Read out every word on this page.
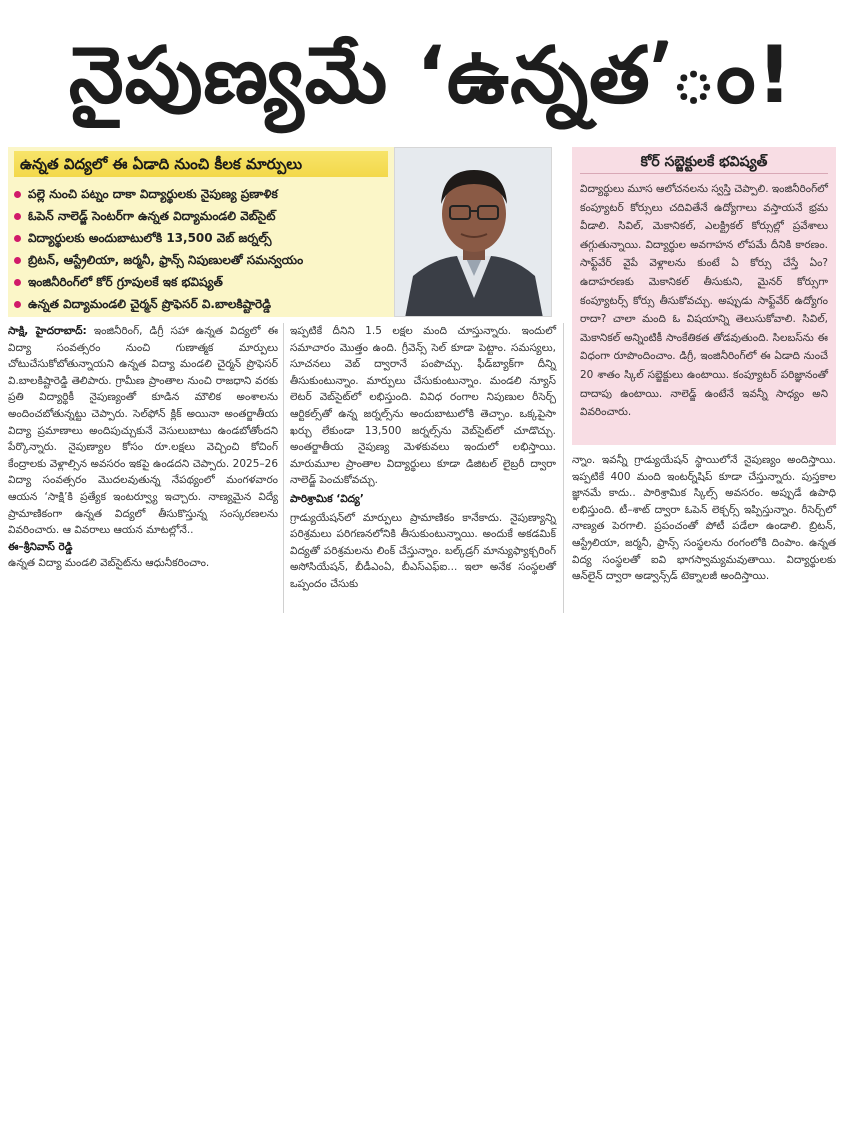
నైపుణ్యమే ‘ఉన్నత’ం!
ఉన్నత విద్యలో ఈ ఏడాది నుంచి కీలక మార్పులు
పల్లె నుంచి పట్నం దాకా విద్యార్థులకు నైపుణ్య ప్రణాళిక
ఓపెన్ నాలెడ్జ్ సెంటర్‌గా ఉన్నత విద్యామండలి వెబ్‌సైట్
విద్యార్థులకు అందుబాటులోకి 13,500 వెబ్ జర్నల్స్
బ్రిటన్, ఆస్ట్రేలియా, జర్మనీ, ఫ్రాన్స్ నిపుణులతో సమన్వయం
ఇంజినీరింగ్‌లో కోర్ గ్రూపులకే ఇక భవిష్యత్
ఉన్నత విద్యామండలి చైర్మన్ ప్రొఫెసర్ వి.బాలకిష్టారెడ్డి
కోర్ సబ్జెక్టులకే భవిష్యత్

విద్యార్థులు మూస ఆలోచనలను స్వస్తి చెప్పాలి. ఇంజినీరింగ్‌లో కంప్యూటర్ కోర్సులు చదివితేనే ఉద్యోగాలు వస్తాయనే భ్రమ వీడాలి. సివిల్, మెకానికల్, ఎలక్ట్రికల్ కోర్సుల్లో ప్రవేశాలు తగ్గుతున్నాయి. విద్యార్థుల అవగాహన లోపమే దీనికి కారణం. సాఫ్ట్‌వేర్ వైపే వెళ్లాలను కుంటే ఏ కోర్సు చేస్తే ఏం? ఉదాహరణకు మెకానికల్ తీసుకుని, మైనర్ కోర్సుగా కంప్యూటర్స్ కోర్సు తీసుకోవచ్చు. అప్పుడు సాఫ్ట్‌వేర్ ఉద్యోగం రాదా? చాలా మంది ఓ విషయాన్ని తెలుసుకోవాలి. సివిల్, మెకానికల్ అన్నింటికీ సాంకేతికత తోడవుతుంది. సిలబస్‌ను ఈ విధంగా రూపొందించాం. డిగ్రీ, ఇంజినీరింగ్‌లో ఈ ఏడాది నుంచే 20 శాతం స్కిల్ సబ్జెక్టులు ఉంటాయి. కంప్యూటర్ పరిజ్ఞానంతో దాదాపు ఉంటాయి. నాలెడ్జ్ ఉంటేనే ఇవన్నీ సాధ్యం అని వివరించారు.

సాక్షి, హైదరాబాద్: ఇంజినీరింగ్, డిగ్రీ సహా ఉన్నత విద్యలో ఈ విద్యా సంవత్సరం నుంచి గుణాత్మక మార్పులు చోటుచేసుకోబోతున్నాయని ఉన్నత విద్యా మండలి చైర్మన్ ప్రొఫెసర్ వి.బాలకిష్టారెడ్డి తెలిపారు. గ్రామీణ ప్రాంతాల నుంచి రాజధాని వరకు ప్రతి విద్యార్థికీ నైపుణ్యంతో కూడిన మౌలిక అంశాలను అందించబోతున్నట్టు చెప్పారు. సెల్‌ఫోన్ క్లిక్ అయినా అంతర్జాతీయ విద్యా ప్రమాణాలు అందిపుచ్చుకునే వెసులుబాటు ఉండబోతోందని పేర్కొన్నారు. నైపుణ్యాల కోసం రూ.లక్షలు వెచ్చించి కోచింగ్ కేంద్రాలకు వెళ్లాల్సిన అవసరం ఇకపై ఉండదని చెప్పారు. 2025–26 విద్యా సంవత్సరం మొదలవుతున్న నేపథ్యంలో మంగళవారం ఆయన ‘సాక్షి’కి ప్రత్యేక ఇంటర్వ్యూ ఇచ్చారు. నాణ్యమైన విద్యే ప్రామాణికంగా ఉన్నత విద్యలో తీసుకొస్తున్న సంస్కరణలను వివరించారు. ఆ వివరాలు ఆయన మాటల్లోనే..

ఈ–శ్రీనివాస్ రెడ్డి

ఉన్నత విద్యా మండలి వెబ్‌సైట్‌ను ఆధునీకరించాం.

ఇప్పటికే దీనిని 1.5 లక్షల మంది చూస్తున్నారు. ఇందులో సమాచారం మొత్తం ఉంది. గ్రీవెన్స్ సెల్ కూడా పెట్టాం. సమస్యలు, సూచనలు వెబ్ ద్వారానే పంపొచ్చు. ఫీడ్‌బ్యాక్‌గా దీన్ని తీసుకుంటున్నాం. మార్పులు చేసుకుంటున్నాం. మండలి న్యూస్ లెటర్ వెబ్‌సైట్‌లో లభిస్తుంది. వివిధ రంగాల నిపుణుల రీసెర్చ్ ఆర్టికల్స్‌తో ఉన్న జర్నల్స్‌ను అందుబాటులోకి తెచ్చాం. ఒక్కపైసా ఖర్చు లేకుండా 13,500 జర్నల్స్‌ను వెబ్‌సైట్‌లో చూడొచ్చు. అంతర్జాతీయ నైపుణ్య మెళకువలు ఇందులో లభిస్తాయి. మారుమూల ప్రాంతాల విద్యార్థులు కూడా డిజిటల్ లైబ్రరీ ద్వారా నాలెడ్జ్ పెంచుకోవచ్చు.

పారిశ్రామిక ‘విద్య’

గ్రాడ్యుయేషన్‌లో మార్పులు ప్రామాణికం కానేకాదు. నైపుణ్యాన్ని పరిశ్రమలు పరిగణనలోనికి తీసుకుంటున్నాయి. అందుకే అకడమిక్ విద్యతో పరిశ్రమలను లింక్ చేస్తున్నాం. బల్క్‌డ్రగ్ మాన్యుఫ్యాక్చరింగ్ అసోసియేషన్, బీడీఎంఏ, బీఎస్‌ఎఫ్‌ఐ... ఇలా అనేక సంస్థలతో ఒప్పందం చేసుకు

న్నాం. ఇవన్నీ గ్రాడ్యుయేషన్ స్థాయిలోనే నైపుణ్యం అందిస్తాయి. ఇప్పటికే 400 మంది ఇంటర్న్‌షిప్ కూడా చేస్తున్నారు. పుస్తకాల జ్ఞానమే కాదు.. పారిశ్రామిక స్కిల్స్ అవసరం. అప్పుడే ఉపాధి లభిస్తుంది. టీ–శాట్ ద్వారా ఓపెన్ లెక్చర్స్ ఇప్పిస్తున్నాం. రీసెర్చ్‌లో నాణ్యత పెరగాలి. ప్రపంచంతో పోటీ పడేలా ఉండాలి. బ్రిటన్, ఆస్ట్రేలియా, జర్మనీ, ఫ్రాన్స్ సంస్థలను రంగంలోకి దింపాం. ఉన్నత విద్య సంస్థలతో ఐవి భాగస్వామ్యమవుతాయి. విద్యార్థులకు ఆన్‌లైన్ ద్వారా అడ్వాన్స్‌డ్ టెక్నాలజీ అందిస్తాయి.
